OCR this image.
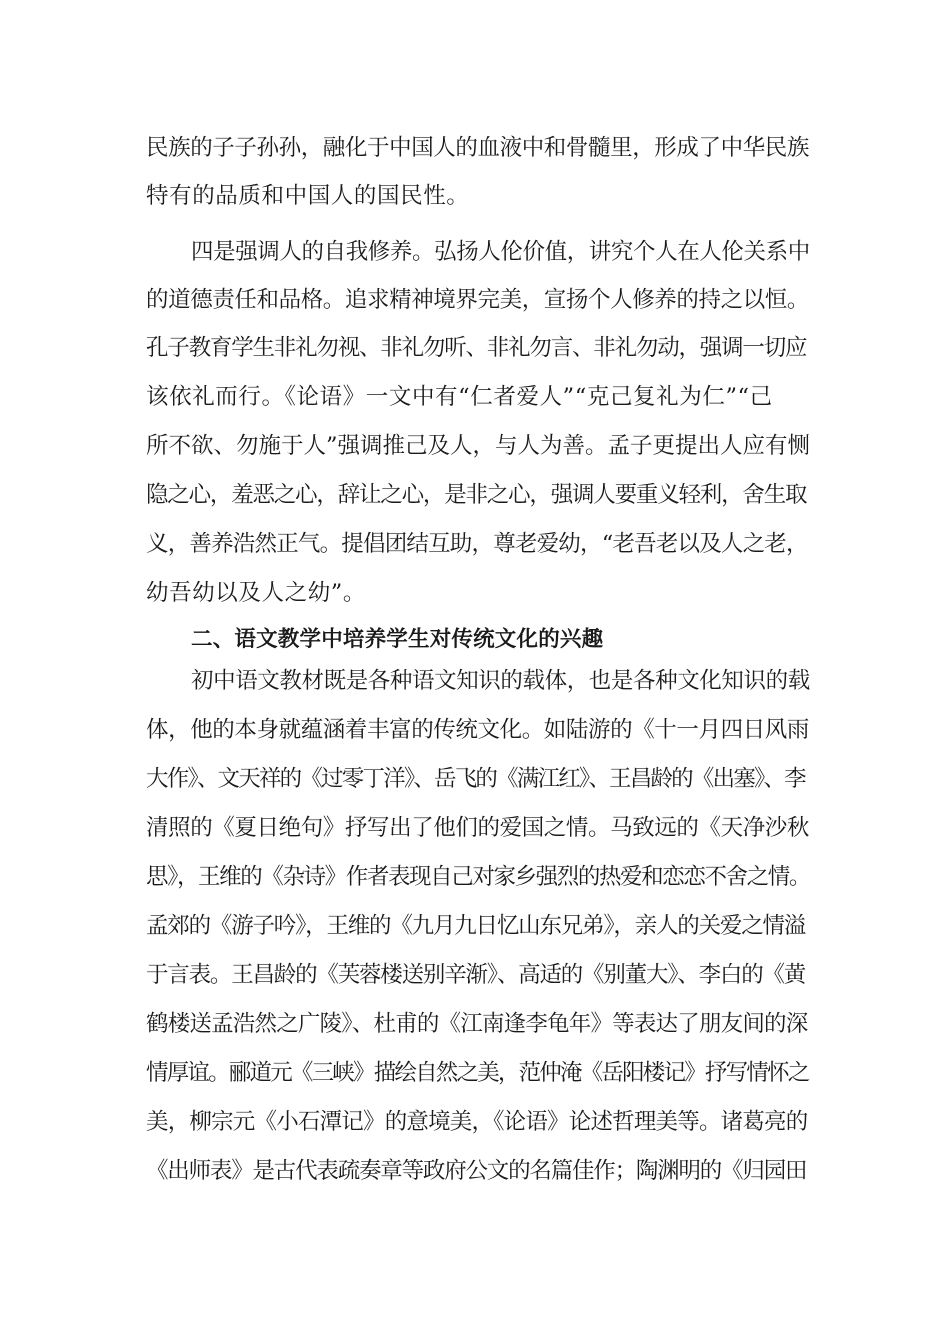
民族的子子孙孙，融化于中国人的血液中和骨髓里，形成了中华民族
特有的品质和中国人的国民性。
四是强调人的自我修养。弘扬人伦价值，讲究个人在人伦关系中
的道德责任和品格。追求精神境界完美，宣扬个人修养的持之以恒。
孔子教育学生非礼勿视、非礼勿听、非礼勿言、非礼勿动，强调一切应
该依礼而行。《论语》一文中有“仁者爱人”“克己复礼为仁”“己
所不欲、勿施于人”强调推己及人，与人为善。孟子更提出人应有恻
隐之心，羞恶之心，辞让之心，是非之心，强调人要重义轻利，舍生取
义，善养浩然正气。提倡团结互助，尊老爱幼，“老吾老以及人之老，
幼吾幼以及人之幼”。
二、语文教学中培养学生对传统文化的兴趣
初中语文教材既是各种语文知识的载体，也是各种文化知识的载
体，他的本身就蕴涵着丰富的传统文化。如陆游的《十一月四日风雨
大作》、文天祥的《过零丁洋》、岳飞的《满江红》、王昌龄的《出塞》、李
清照的《夏日绝句》抒写出了他们的爱国之情。马致远的《天净沙秋
思》，王维的《杂诗》作者表现自己对家乡强烈的热爱和恋恋不舍之情。
孟郊的《游子吟》，王维的《九月九日忆山东兄弟》，亲人的关爱之情溢
于言表。王昌龄的《芙蓉楼送别辛渐》、高适的《别董大》、李白的《黄
鹤楼送孟浩然之广陵》、杜甫的《江南逢李龟年》等表达了朋友间的深
情厚谊。郦道元《三峡》描绘自然之美，范仲淹《岳阳楼记》抒写情怀之
美，柳宗元《小石潭记》的意境美，《论语》论述哲理美等。诸葛亮的
《出师表》是古代表疏奏章等政府公文的名篇佳作；陶渊明的《归园田
